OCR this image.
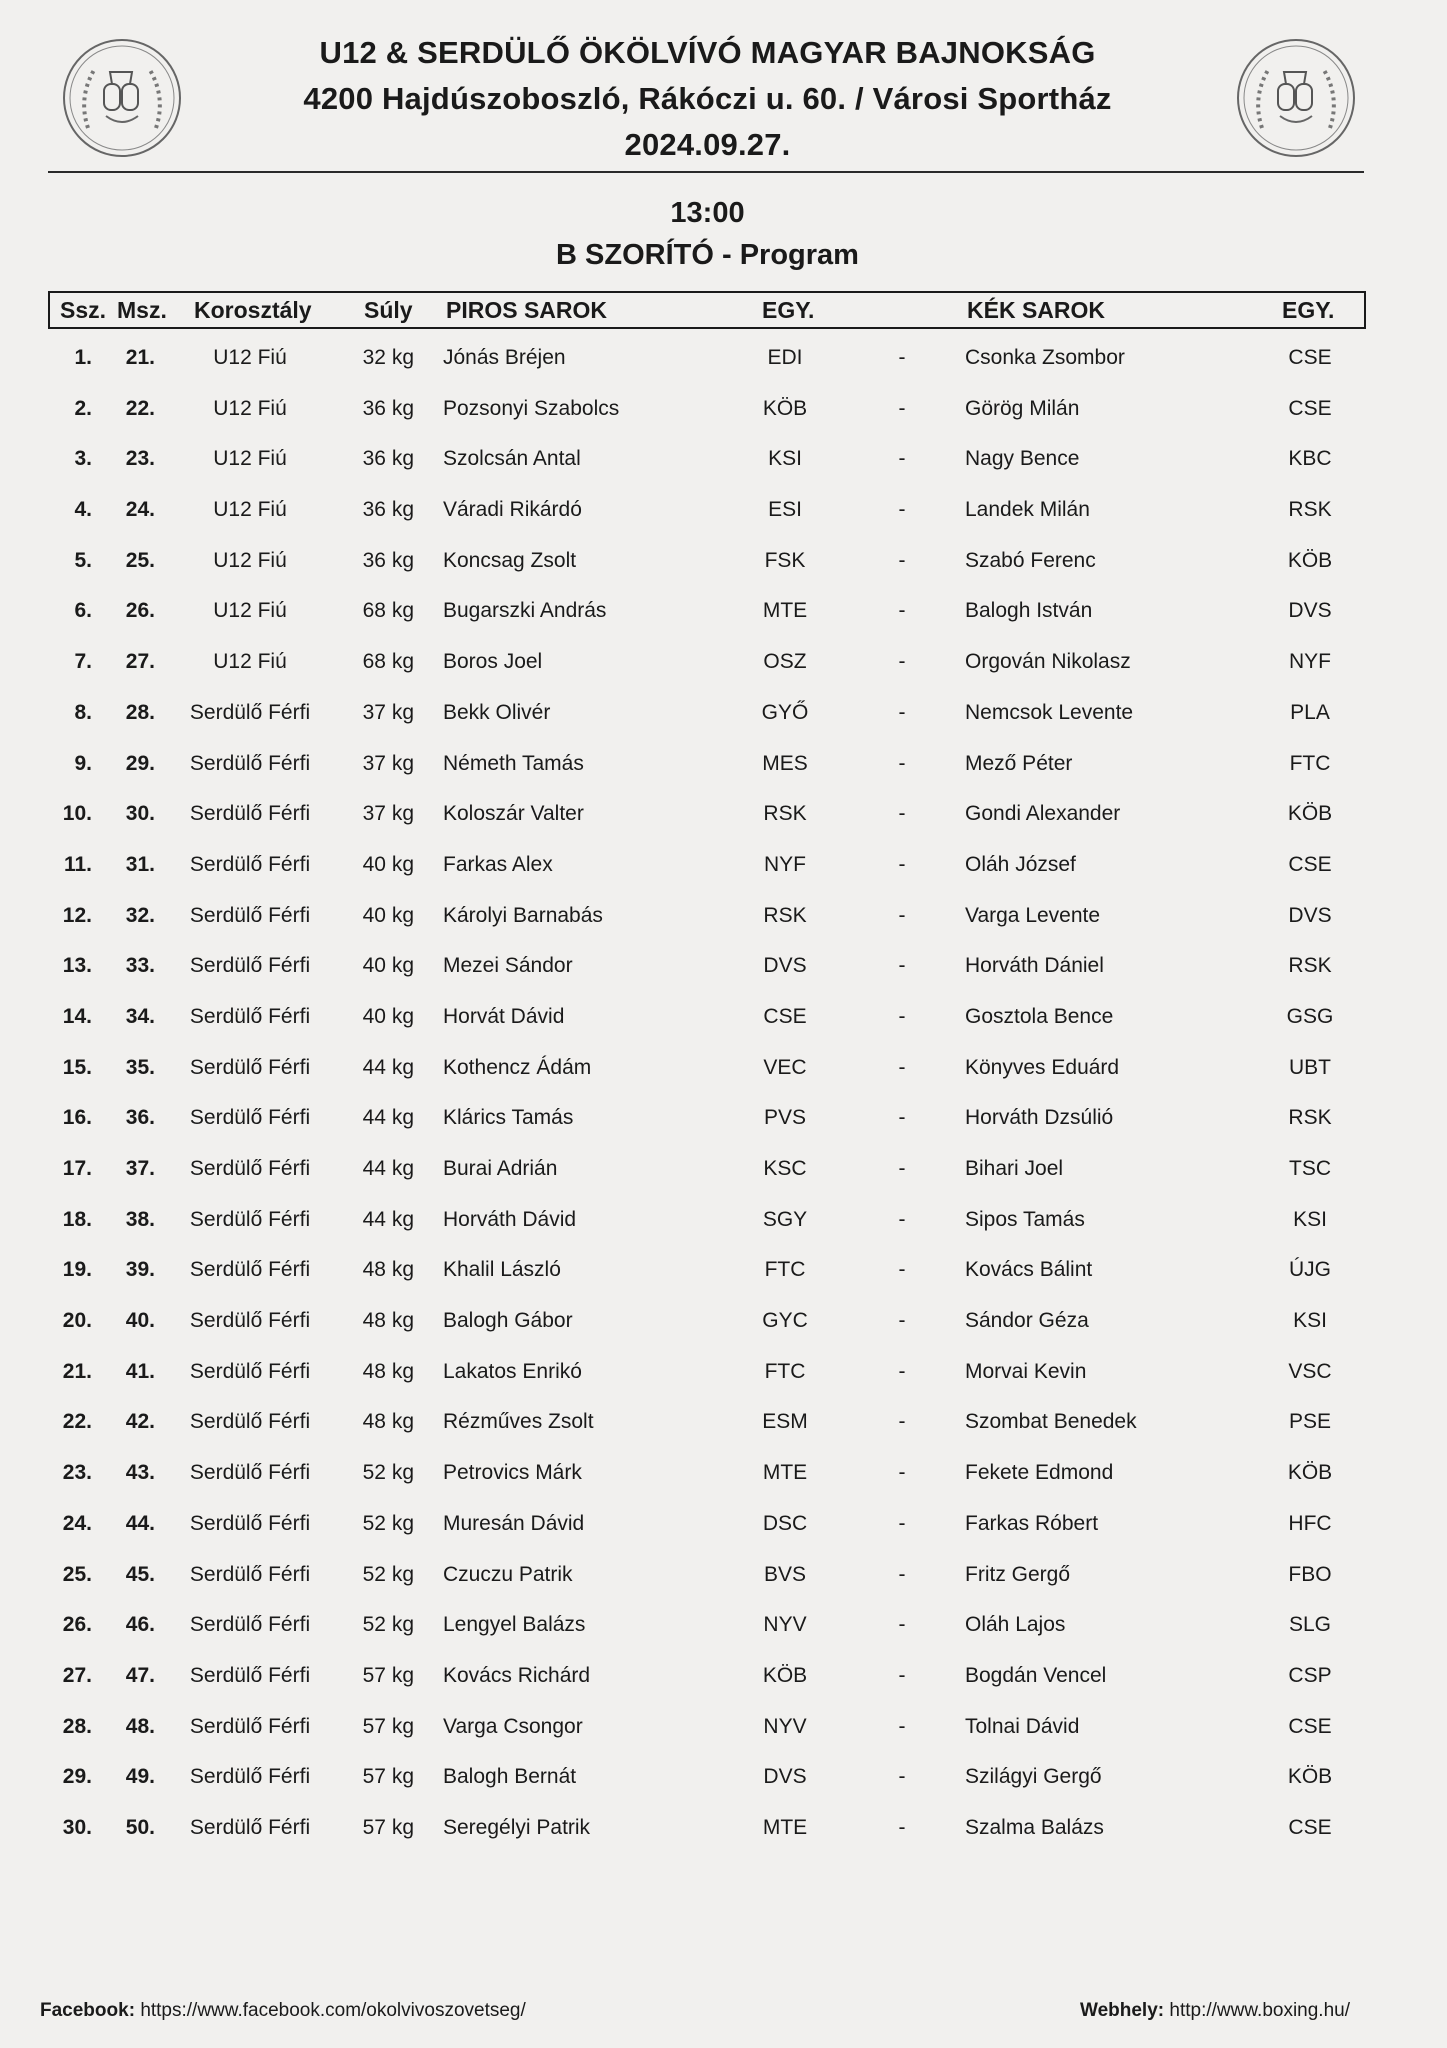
U12 & SERDÜLŐ ÖKÖLVÍVÓ MAGYAR BAJNOKSÁG
4200 Hajdúszoboszló, Rákóczi u. 60. / Városi Sportház
2024.09.27.
13:00
B SZORÍTÓ - Program
Ssz. Msz. Korosztály Súly PIROS SAROK	EGY.	KÉK SAROK	EGY.
1. 21.	U12 Fiú	32 kg Jónás Bréjen	EDI	-	Csonka Zsombor	CSE
2. 22.	U12 Fiú	36 kg Pozsonyi Szabolcs	KÖB	-	Görög Milán	CSE
3. 23.	U12 Fiú	36 kg Szolcsán Antal	KSI	-	Nagy Bence	KBC
4. 24.	U12 Fiú	36 kg Váradi Rikárdó	ESI	-	Landek Milán	RSK
5. 25.	U12 Fiú	36 kg Koncsag Zsolt	FSK	-	Szabó Ferenc	KÖB
6. 26.	U12 Fiú	68 kg Bugarszki András	MTE	-	Balogh István	DVS
7. 27.	U12 Fiú	68 kg Boros Joel	OSZ	-	Orgován Nikolasz	NYF
8. 28.	Serdülő Férfi	37 kg Bekk Olivér	GYŐ	-	Nemcsok Levente	PLA
9. 29.	Serdülő Férfi	37 kg Németh Tamás	MES	-	Mező Péter	FTC
10. 30.	Serdülő Férfi	37 kg Koloszár Valter	RSK	-	Gondi Alexander	KÖB
11. 31.	Serdülő Férfi	40 kg Farkas Alex	NYF	-	Oláh József	CSE
12. 32.	Serdülő Férfi	40 kg Károlyi Barnabás	RSK	-	Varga Levente	DVS
13. 33.	Serdülő Férfi	40 kg Mezei Sándor	DVS	-	Horváth Dániel	RSK
14. 34.	Serdülő Férfi	40 kg Horvát Dávid	CSE	-	Gosztola Bence	GSG
15. 35.	Serdülő Férfi	44 kg Kothencz Ádám	VEC	-	Könyves Eduárd	UBT
16. 36.	Serdülő Férfi	44 kg Klárics Tamás	PVS	-	Horváth Dzsúlió	RSK
17. 37.	Serdülő Férfi	44 kg Burai Adrián	KSC	-	Bihari Joel	TSC
18. 38.	Serdülő Férfi	44 kg Horváth Dávid	SGY	-	Sipos Tamás	KSI
19. 39.	Serdülő Férfi	48 kg Khalil László	FTC	-	Kovács Bálint	ÚJG
20. 40.	Serdülő Férfi	48 kg Balogh Gábor	GYC	-	Sándor Géza	KSI
21. 41.	Serdülő Férfi	48 kg Lakatos Enrikó	FTC	-	Morvai Kevin	VSC
22. 42.	Serdülő Férfi	48 kg Rézműves Zsolt	ESM	-	Szombat Benedek	PSE
23. 43.	Serdülő Férfi	52 kg Petrovics Márk	MTE	-	Fekete Edmond	KÖB
24. 44.	Serdülő Férfi	52 kg Muresán Dávid	DSC	-	Farkas Róbert	HFC
25. 45.	Serdülő Férfi	52 kg Czuczu Patrik	BVS	-	Fritz Gergő	FBO
26. 46.	Serdülő Férfi	52 kg Lengyel Balázs	NYV	-	Oláh Lajos	SLG
27. 47.	Serdülő Férfi	57 kg Kovács Richárd	KÖB	-	Bogdán Vencel	CSP
28. 48.	Serdülő Férfi	57 kg Varga Csongor	NYV	-	Tolnai Dávid	CSE
29. 49.	Serdülő Férfi	57 kg Balogh Bernát	DVS	-	Szilágyi Gergő	KÖB
30. 50.	Serdülő Férfi	57 kg Seregélyi Patrik	MTE	-	Szalma Balázs	CSE
Facebook: https://www.facebook.com/okolvivoszovetseg/	Webhely: http://www.boxing.hu/
